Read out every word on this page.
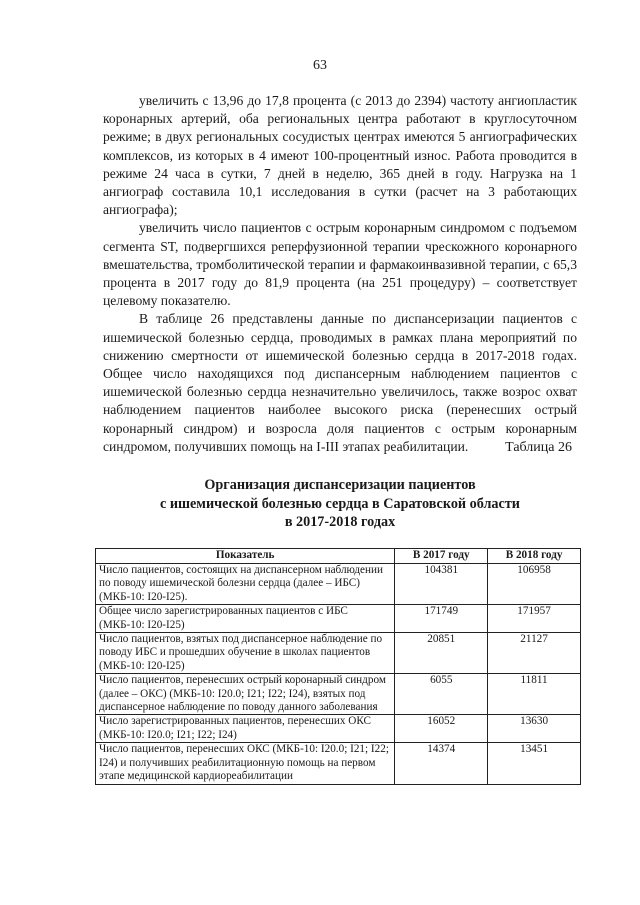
63

увеличить с 13,96 до 17,8 процента (с 2013 до 2394) частоту ангиопластик коронарных артерий, оба региональных центра работают в круглосуточном режиме; в двух региональных сосудистых центрах имеются 5 ангиографических комплексов, из которых в 4 имеют 100-процентный износ. Работа проводится в режиме 24 часа в сутки, 7 дней в неделю, 365 дней в году. Нагрузка на 1 ангиограф составила 10,1 исследования в сутки (расчет на 3 работающих ангиографа);

увеличить число пациентов с острым коронарным синдромом с подъемом сегмента ST, подвергшихся реперфузионной терапии чрескожного коронарного вмешательства, тромболитической терапии и фармакоинвазивной терапии, с 65,3 процента в 2017 году до 81,9 процента (на 251 процедуру) – соответствует целевому показателю.

В таблице 26 представлены данные по диспансеризации пациентов с ишемической болезнью сердца, проводимых в рамках плана мероприятий по снижению смертности от ишемической болезнью сердца в 2017-2018 годах. Общее число находящихся под диспансерным наблюдением пациентов с ишемической болезнью сердца незначительно увеличилось, также возрос охват наблюдением пациентов наиболее высокого риска (перенесших острый коронарный синдром) и возросла доля пациентов с острым коронарным синдромом, получивших помощь на I-III этапах реабилитации.	Таблица 26
Организация диспансеризации пациентов
с ишемической болезнью сердца в Саратовской области
в 2017-2018 годах
Показатель	В 2017 году	В 2018 году
Число пациентов, состоящих на диспансерном наблюдении по поводу ишемической болезни сердца (далее – ИБС) (МКБ-10: I20-I25).	104381	106958
Общее число зарегистрированных пациентов с ИБС (МКБ-10: I20-I25)	171749	171957
Число пациентов, взятых под диспансерное наблюдение по поводу ИБС и прошедших обучение в школах пациентов (МКБ-10: I20-I25)	20851	21127
Число пациентов, перенесших острый коронарный синдром (далее – ОКС) (МКБ-10: I20.0; I21; I22; I24), взятых под диспансерное наблюдение по поводу данного заболевания	6055	11811
Число зарегистрированных пациентов, перенесших ОКС (МКБ-10: I20.0; I21; I22; I24)	16052	13630
Число пациентов, перенесших ОКС (МКБ-10: I20.0; I21; I22; I24) и получивших реабилитационную помощь на первом этапе медицинской кардиореабилитации	14374	13451
